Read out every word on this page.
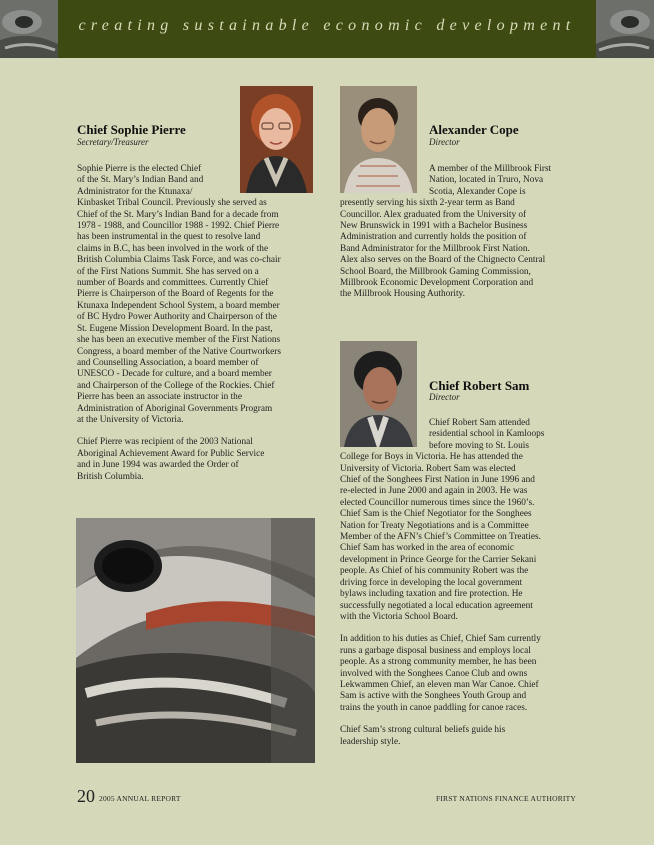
creating sustainable economic development
Chief Sophie Pierre
Secretary/Treasurer

Sophie Pierre is the elected Chief
of the St. Mary’s Indian Band and
Administrator for the Ktunaxa/
Kinbasket Tribal Council. Previously she served as
Chief of the St. Mary’s Indian Band for a decade from
1978 - 1988, and Councillor 1988 - 1992. Chief Pierre
has been instrumental in the quest to resolve land
claims in B.C, has been involved in the work of the
British Columbia Claims Task Force, and was co-chair
of the First Nations Summit. She has served on a
number of Boards and committees. Currently Chief
Pierre is Chairperson of the Board of Regents for the
Ktunaxa Independent School System, a board member
of BC Hydro Power Authority and Chairperson of the
St. Eugene Mission Development Board. In the past,
she has been an executive member of the First Nations
Congress, a board member of the Native Courtworkers
and Counselling Association, a board member of
UNESCO - Decade for culture, and a board member
and Chairperson of the College of the Rockies. Chief
Pierre has been an associate instructor in the
Administration of Aboriginal Governments Program
at the University of Victoria.

Chief Pierre was recipient of the 2003 National
Aboriginal Achievement Award for Public Service
and in June 1994 was awarded the Order of
British Columbia.

Alexander Cope
Director

A member of the Millbrook First
Nation, located in Truro, Nova
Scotia, Alexander Cope is
presently serving his sixth 2-year term as Band
Councillor. Alex graduated from the University of
New Brunswick in 1991 with a Bachelor Business
Administration and currently holds the position of
Band Administrator for the Millbrook First Nation.
Alex also serves on the Board of the Chignecto Central
School Board, the Millbrook Gaming Commission,
Millbrook Economic Development Corporation and
the Millbrook Housing Authority.

Chief Robert Sam
Director

Chief Robert Sam attended
residential school in Kamloops
before moving to St. Louis
College for Boys in Victoria. He has attended the
University of Victoria. Robert Sam was elected
Chief of the Songhees First Nation in June 1996 and
re-elected in June 2000 and again in 2003. He was
elected Councillor numerous times since the 1960’s.
Chief Sam is the Chief Negotiator for the Songhees
Nation for Treaty Negotiations and is a Committee
Member of the AFN’s Chief’s Committee on Treaties.
Chief Sam has worked in the area of economic
development in Prince George for the Carrier Sekani
people. As Chief of his community Robert was the
driving force in developing the local government
bylaws including taxation and fire protection. He
successfully negotiated a local education agreement
with the Victoria School Board.

In addition to his duties as Chief, Chief Sam currently
runs a garbage disposal business and employs local
people. As a strong community member, he has been
involved with the Songhees Canoe Club and owns
Lekwammen Chief, an eleven man War Canoe. Chief
Sam is active with the Songhees Youth Group and
trains the youth in canoe paddling for canoe races.

Chief Sam’s strong cultural beliefs guide his
leadership style.

20 2005 ANNUAL REPORT	FIRST NATIONS FINANCE AUTHORITY
